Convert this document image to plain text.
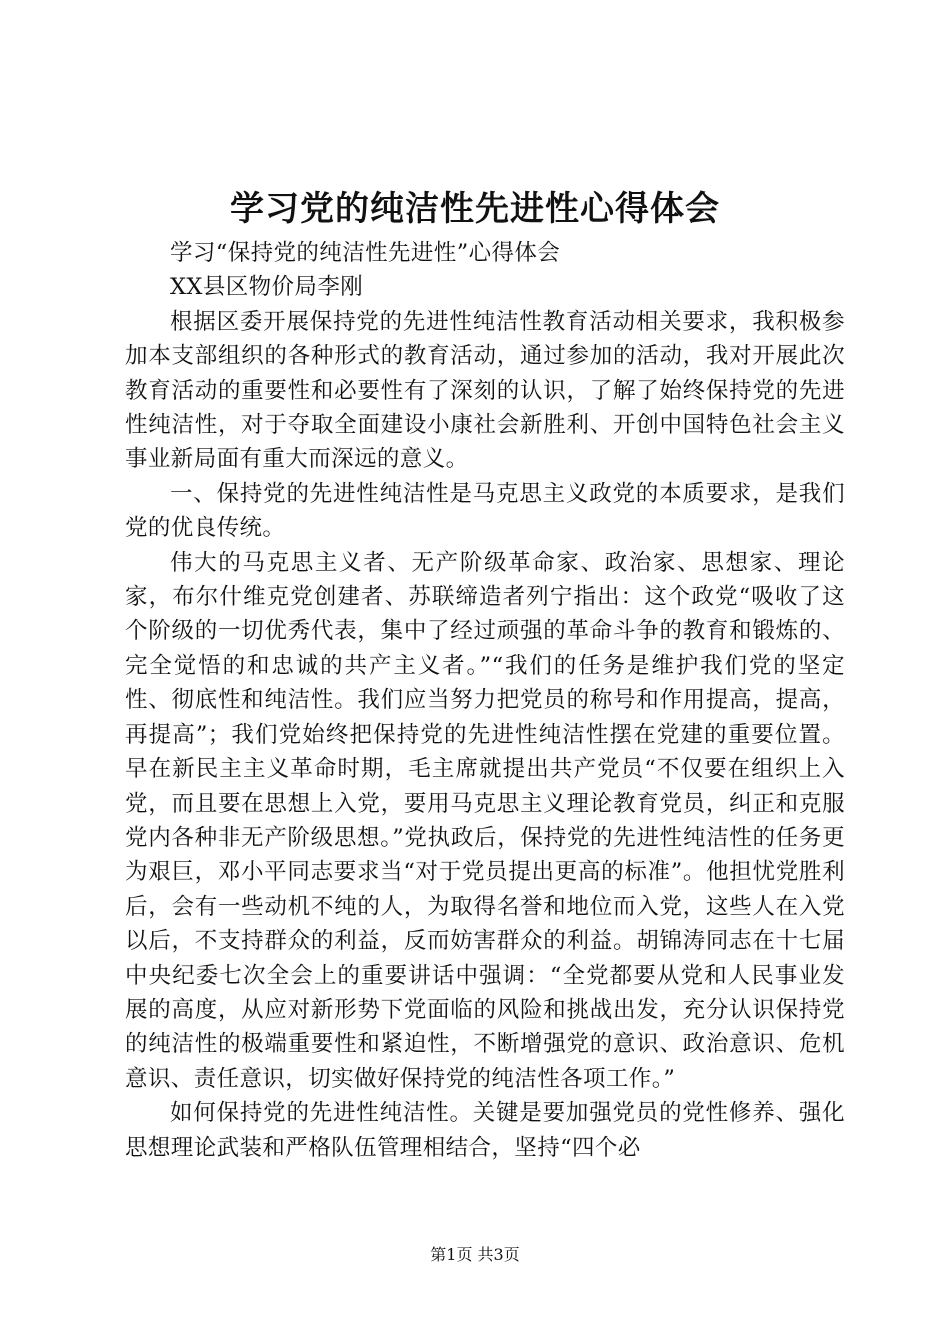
学习党的纯洁性先进性心得体会

学习“保持党的纯洁性先进性”心得体会

XX县区物价局李刚

根据区委开展保持党的先进性纯洁性教育活动相关要求，我积极参加本支部组织的各种形式的教育活动，通过参加的活动，我对开展此次教育活动的重要性和必要性有了深刻的认识，了解了始终保持党的先进性纯洁性，对于夺取全面建设小康社会新胜利、开创中国特色社会主义事业新局面有重大而深远的意义。

一、保持党的先进性纯洁性是马克思主义政党的本质要求，是我们党的优良传统。

伟大的马克思主义者、无产阶级革命家、政治家、思想家、理论家，布尔什维克党创建者、苏联缔造者列宁指出：这个政党“吸收了这个阶级的一切优秀代表，集中了经过顽强的革命斗争的教育和锻炼的、完全觉悟的和忠诚的共产主义者。”“我们的任务是维护我们党的坚定性、彻底性和纯洁性。我们应当努力把党员的称号和作用提高，提高，再提高”；我们党始终把保持党的先进性纯洁性摆在党建的重要位置。早在新民主主义革命时期，毛主席就提出共产党员“不仅要在组织上入党，而且要在思想上入党，要用马克思主义理论教育党员，纠正和克服党内各种非无产阶级思想。”党执政后，保持党的先进性纯洁性的任务更为艰巨，邓小平同志要求当“对于党员提出更高的标准”。他担忧党胜利后，会有一些动机不纯的人，为取得名誉和地位而入党，这些人在入党以后，不支持群众的利益，反而妨害群众的利益。胡锦涛同志在十七届中央纪委七次全会上的重要讲话中强调：“全党都要从党和人民事业发展的高度，从应对新形势下党面临的风险和挑战出发，充分认识保持党的纯洁性的极端重要性和紧迫性，不断增强党的意识、政治意识、危机意识、责任意识，切实做好保持党的纯洁性各项工作。”

如何保持党的先进性纯洁性。关键是要加强党员的党性修养、强化思想理论武装和严格队伍管理相结合，坚持“四个必

第1页 共3页
